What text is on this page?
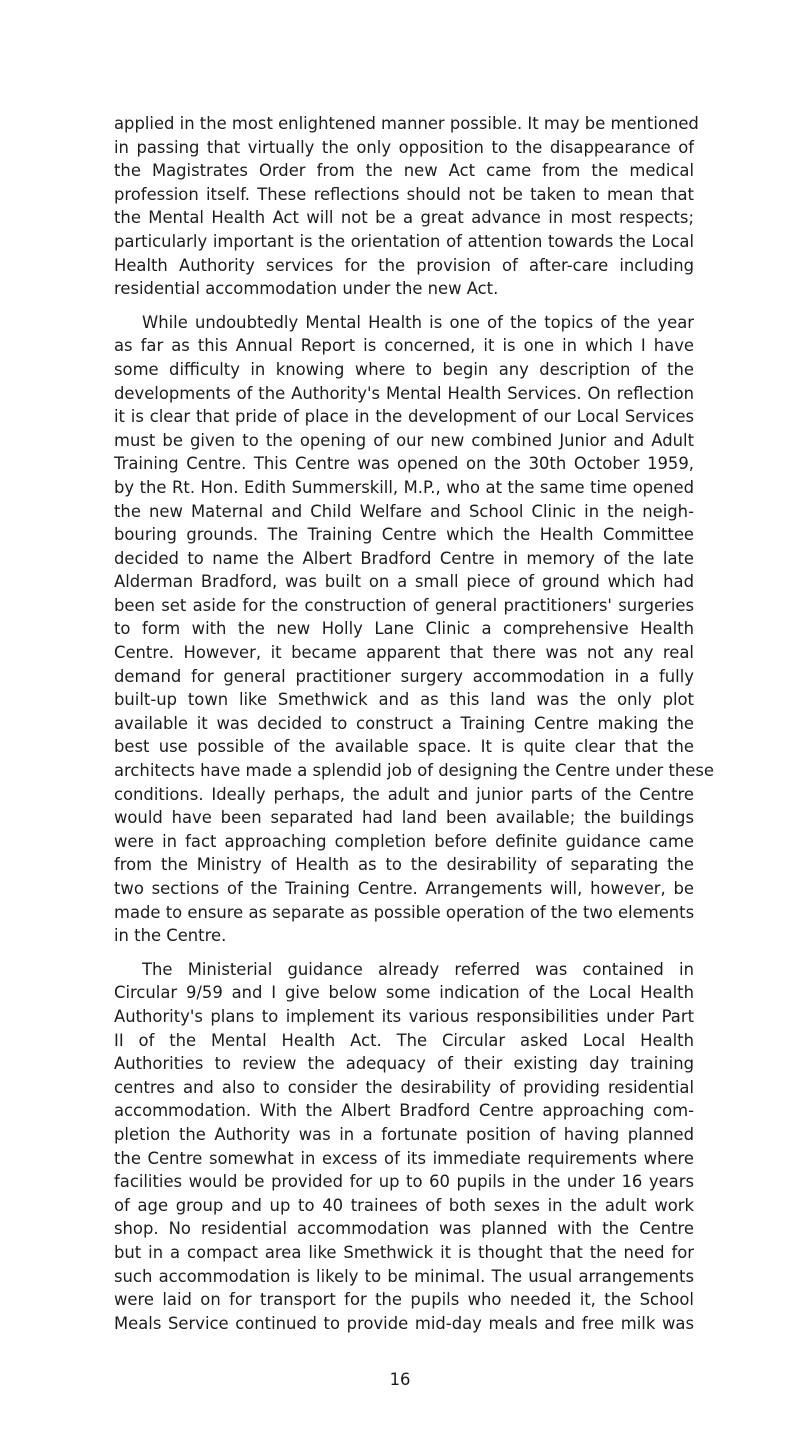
applied in the most enlightened manner possible. It may be mentioned
in passing that virtually the only opposition to the disappearance of
the Magistrates Order from the new Act came from the medical
profession itself. These reflections should not be taken to mean that
the Mental Health Act will not be a great advance in most respects;
particularly important is the orientation of attention towards the Local
Health Authority services for the provision of after-care including
residential accommodation under the new Act.
While undoubtedly Mental Health is one of the topics of the year
as far as this Annual Report is concerned, it is one in which I have
some difficulty in knowing where to begin any description of the
developments of the Authority's Mental Health Services. On reflection
it is clear that pride of place in the development of our Local Services
must be given to the opening of our new combined Junior and Adult
Training Centre. This Centre was opened on the 30th October 1959,
by the Rt. Hon. Edith Summerskill, M.P., who at the same time opened
the new Maternal and Child Welfare and School Clinic in the neigh-
bouring grounds. The Training Centre which the Health Committee
decided to name the Albert Bradford Centre in memory of the late
Alderman Bradford, was built on a small piece of ground which had
been set aside for the construction of general practitioners' surgeries
to form with the new Holly Lane Clinic a comprehensive Health
Centre. However, it became apparent that there was not any real
demand for general practitioner surgery accommodation in a fully
built-up town like Smethwick and as this land was the only plot
available it was decided to construct a Training Centre making the
best use possible of the available space. It is quite clear that the
architects have made a splendid job of designing the Centre under these
conditions. Ideally perhaps, the adult and junior parts of the Centre
would have been separated had land been available; the buildings
were in fact approaching completion before definite guidance came
from the Ministry of Health as to the desirability of separating the
two sections of the Training Centre. Arrangements will, however, be
made to ensure as separate as possible operation of the two elements
in the Centre.
The Ministerial guidance already referred was contained in
Circular 9/59 and I give below some indication of the Local Health
Authority's plans to implement its various responsibilities under Part
II of the Mental Health Act. The Circular asked Local Health
Authorities to review the adequacy of their existing day training
centres and also to consider the desirability of providing residential
accommodation. With the Albert Bradford Centre approaching com-
pletion the Authority was in a fortunate position of having planned
the Centre somewhat in excess of its immediate requirements where
facilities would be provided for up to 60 pupils in the under 16 years
of age group and up to 40 trainees of both sexes in the adult work
shop. No residential accommodation was planned with the Centre
but in a compact area like Smethwick it is thought that the need for
such accommodation is likely to be minimal. The usual arrangements
were laid on for transport for the pupils who needed it, the School
Meals Service continued to provide mid-day meals and free milk was
16
